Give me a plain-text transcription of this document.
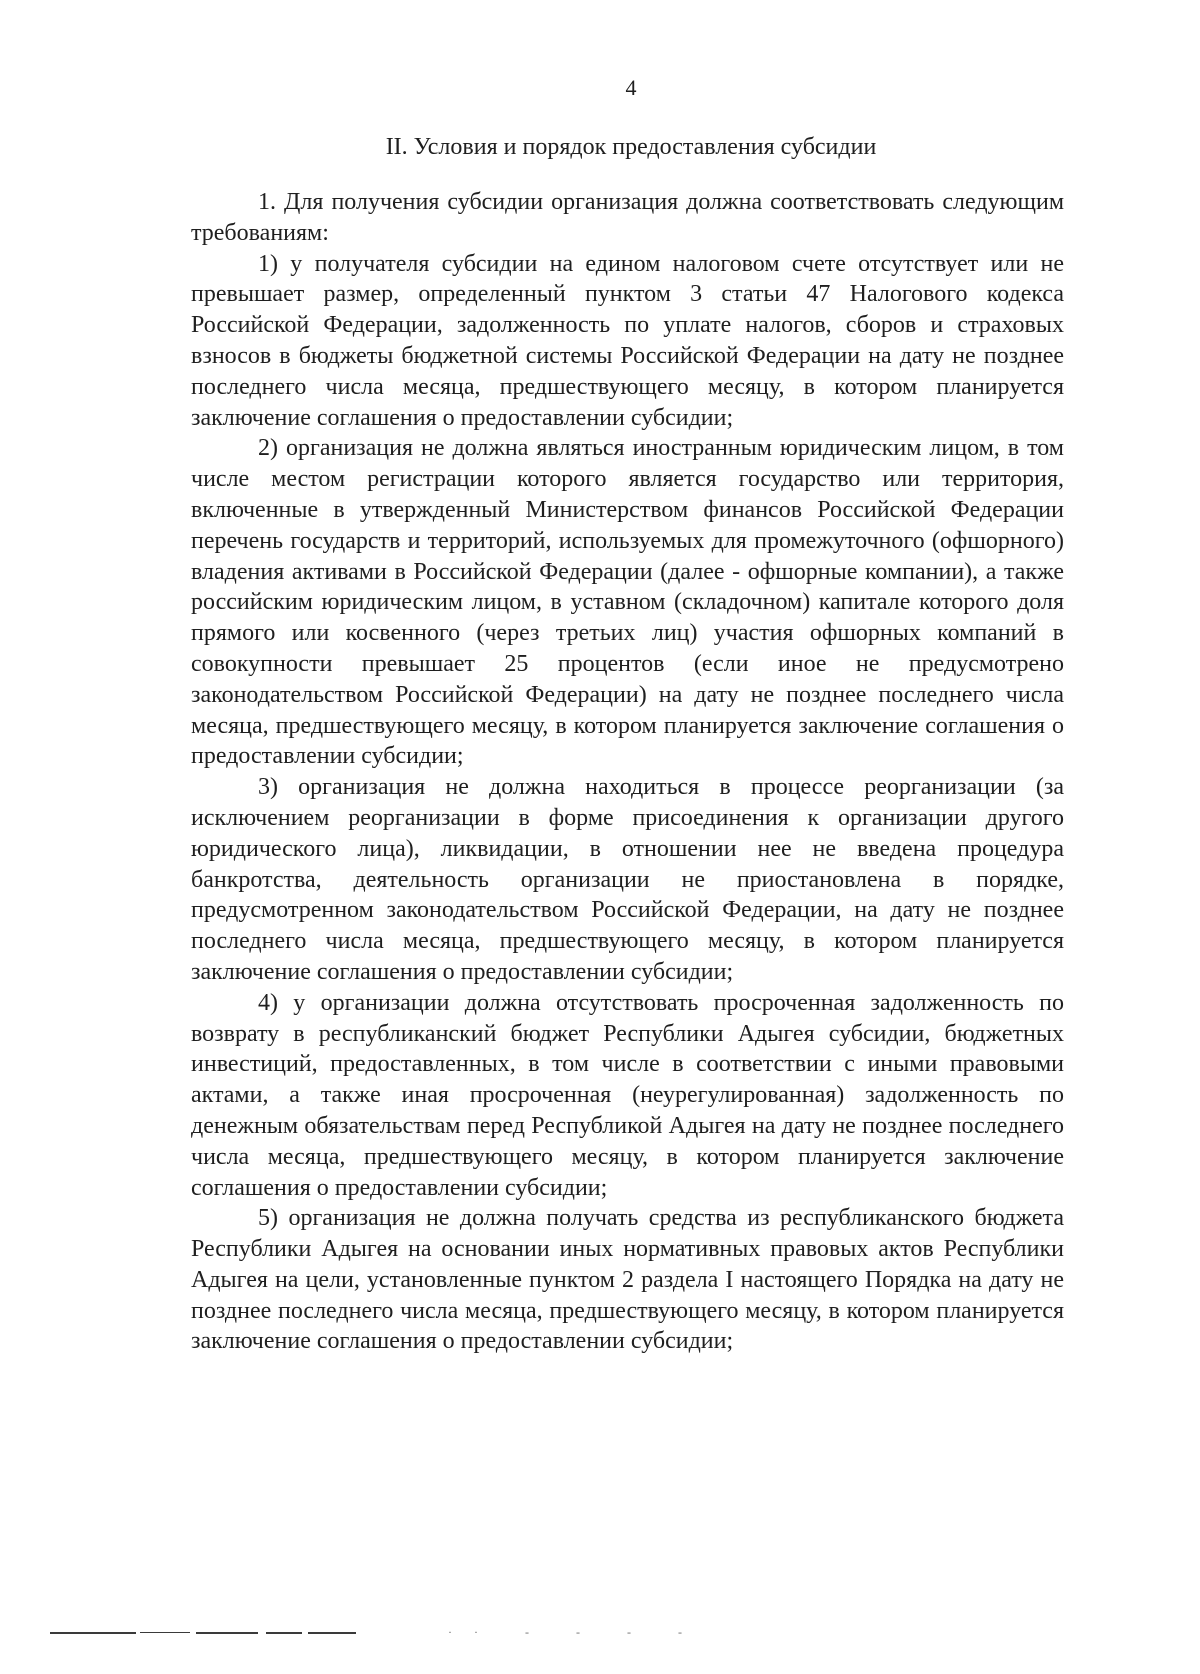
4
II. Условия и порядок предоставления субсидии

1. Для получения субсидии организация должна соответствовать следующим требованиям:

1) у получателя субсидии на едином налоговом счете отсутствует или не превышает размер, определенный пунктом 3 статьи 47 Налогового кодекса Российской Федерации, задолженность по уплате налогов, сборов и страховых взносов в бюджеты бюджетной системы Российской Федерации на дату не позднее последнего числа месяца, предшествующего месяцу, в котором планируется заключение соглашения о предоставлении субсидии;

2) организация не должна являться иностранным юридическим лицом, в том числе местом регистрации которого является государство или территория, включенные в утвержденный Министерством финансов Российской Федерации перечень государств и территорий, используемых для промежуточного (офшорного) владения активами в Российской Федерации (далее - офшорные компании), а также российским юридическим лицом, в уставном (складочном) капитале которого доля прямого или косвенного (через третьих лиц) участия офшорных компаний в совокупности превышает 25 процентов (если иное не предусмотрено законодательством Российской Федерации) на дату не позднее последнего числа месяца, предшествующего месяцу, в котором планируется заключение соглашения о предоставлении субсидии;

3) организация не должна находиться в процессе реорганизации (за исключением реорганизации в форме присоединения к организации другого юридического лица), ликвидации, в отношении нее не введена процедура банкротства, деятельность организации не приостановлена в порядке, предусмотренном законодательством Российской Федерации, на дату не позднее последнего числа месяца, предшествующего месяцу, в котором планируется заключение соглашения о предоставлении субсидии;

4) у организации должна отсутствовать просроченная задолженность по возврату в республиканский бюджет Республики Адыгея субсидии, бюджетных инвестиций, предоставленных, в том числе в соответствии с иными правовыми актами, а также иная просроченная (неурегулированная) задолженность по денежным обязательствам перед Республикой Адыгея на дату не позднее последнего числа месяца, предшествующего месяцу, в котором планируется заключение соглашения о предоставлении субсидии;

5) организация не должна получать средства из республиканского бюджета Республики Адыгея на основании иных нормативных правовых актов Республики Адыгея на цели, установленные пунктом 2 раздела I настоящего Порядка на дату не позднее последнего числа месяца, предшествующего месяцу, в котором планируется заключение соглашения о предоставлении субсидии;

·· - - - -
